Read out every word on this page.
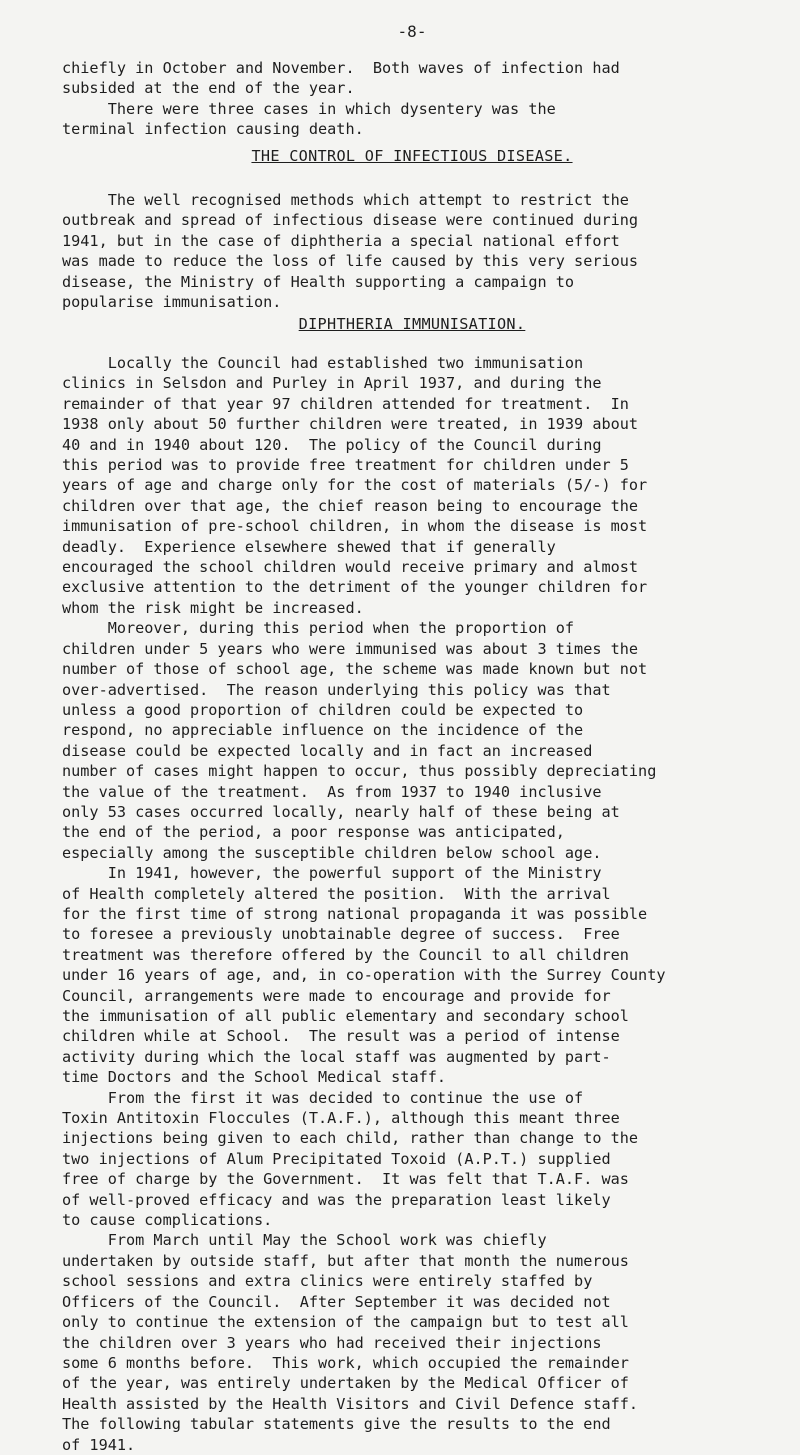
-8-
chiefly in October and November.  Both waves of infection had
subsided at the end of the year.
There were three cases in which dysentery was the
terminal infection causing death.
THE CONTROL OF INFECTIOUS DISEASE.
The well recognised methods which attempt to restrict the
outbreak and spread of infectious disease were continued during
1941, but in the case of diphtheria a special national effort
was made to reduce the loss of life caused by this very serious
disease, the Ministry of Health supporting a campaign to
popularise immunisation.
DIPHTHERIA IMMUNISATION.
Locally the Council had established two immunisation
clinics in Selsdon and Purley in April 1937, and during the
remainder of that year 97 children attended for treatment.  In
1938 only about 50 further children were treated, in 1939 about
40 and in 1940 about 120.  The policy of the Council during
this period was to provide free treatment for children under 5
years of age and charge only for the cost of materials (5/-) for
children over that age, the chief reason being to encourage the
immunisation of pre-school children, in whom the disease is most
deadly.  Experience elsewhere shewed that if generally
encouraged the school children would receive primary and almost
exclusive attention to the detriment of the younger children for
whom the risk might be increased.
Moreover, during this period when the proportion of
children under 5 years who were immunised was about 3 times the
number of those of school age, the scheme was made known but not
over-advertised.  The reason underlying this policy was that
unless a good proportion of children could be expected to
respond, no appreciable influence on the incidence of the
disease could be expected locally and in fact an increased
number of cases might happen to occur, thus possibly depreciating
the value of the treatment.  As from 1937 to 1940 inclusive
only 53 cases occurred locally, nearly half of these being at
the end of the period, a poor response was anticipated,
especially among the susceptible children below school age.
In 1941, however, the powerful support of the Ministry
of Health completely altered the position.  With the arrival
for the first time of strong national propaganda it was possible
to foresee a previously unobtainable degree of success.  Free
treatment was therefore offered by the Council to all children
under 16 years of age, and, in co-operation with the Surrey County
Council, arrangements were made to encourage and provide for
the immunisation of all public elementary and secondary school
children while at School.  The result was a period of intense
activity during which the local staff was augmented by part-
time Doctors and the School Medical staff.
From the first it was decided to continue the use of
Toxin Antitoxin Floccules (T.A.F.), although this meant three
injections being given to each child, rather than change to the
two injections of Alum Precipitated Toxoid (A.P.T.) supplied
free of charge by the Government.  It was felt that T.A.F. was
of well-proved efficacy and was the preparation least likely
to cause complications.
From March until May the School work was chiefly
undertaken by outside staff, but after that month the numerous
school sessions and extra clinics were entirely staffed by
Officers of the Council.  After September it was decided not
only to continue the extension of the campaign but to test all
the children over 3 years who had received their injections
some 6 months before.  This work, which occupied the remainder
of the year, was entirely undertaken by the Medical Officer of
Health assisted by the Health Visitors and Civil Defence staff.
The following tabular statements give the results to the end
of 1941.
